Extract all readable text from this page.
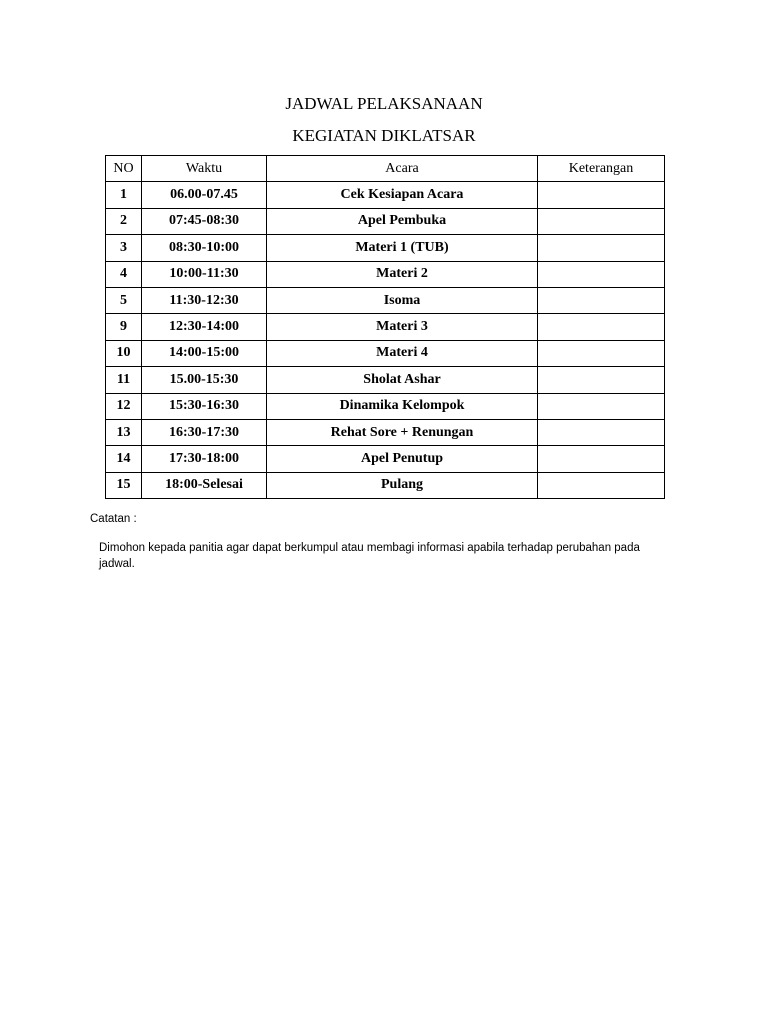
JADWAL PELAKSANAAN
KEGIATAN DIKLATSAR
NO	Waktu	Acara	Keterangan
1	06.00-07.45	Cek Kesiapan Acara	
2	07:45-08:30	Apel Pembuka	
3	08:30-10:00	Materi 1 (TUB)	
4	10:00-11:30	Materi 2	
5	11:30-12:30	Isoma	
9	12:30-14:00	Materi 3	
10	14:00-15:00	Materi 4	
11	15.00-15:30	Sholat Ashar	
12	15:30-16:30	Dinamika Kelompok	
13	16:30-17:30	Rehat Sore + Renungan	
14	17:30-18:00	Apel Penutup	
15	18:00-Selesai	Pulang	

Catatan :

Dimohon kepada panitia agar dapat berkumpul atau membagi informasi apabila terhadap perubahan pada jadwal.
